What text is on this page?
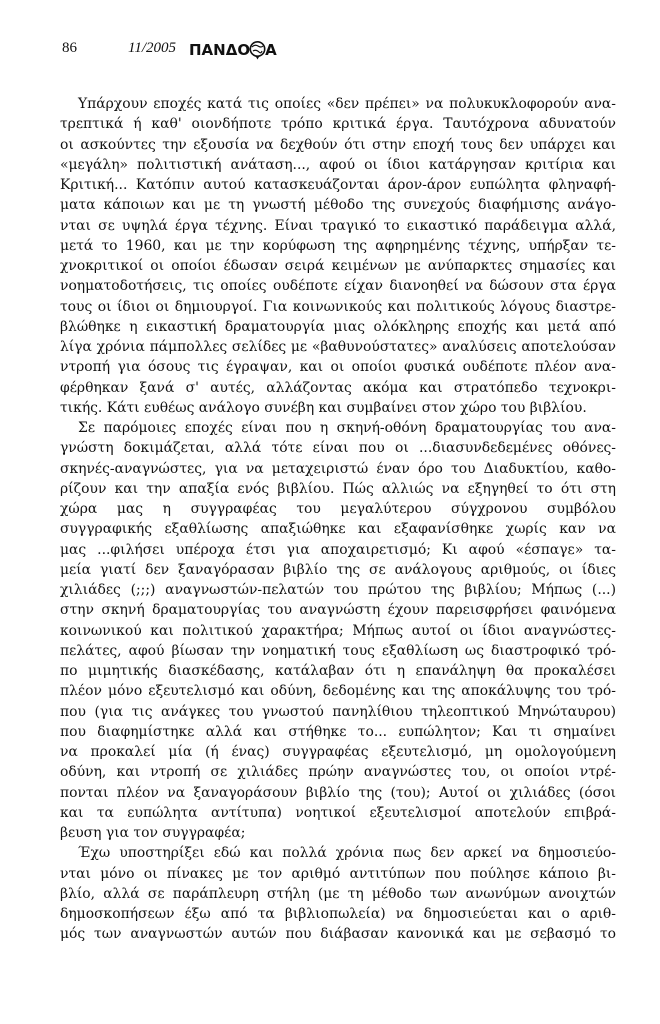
86	11/2005 ΠΑΝΔΟ Α
Υπάρχουν εποχές κατά τις οποίες «δεν πρέπει» να πολυκυκλοφορούν ανα-
τρεπτικά ή καθ' οιονδήποτε τρόπο κριτικά έργα. Ταυτόχρονα αδυνατούν
οι ασκούντες την εξουσία να δεχθούν ότι στην εποχή τους δεν υπάρχει και
«μεγάλη» πολιτιστική ανάταση..., αφού οι ίδιοι κατάργησαν κριτίρια και
Κριτική... Κατόπιν αυτού κατασκευάζονται άρον-άρον ευπώλητα φληναφή-
ματα κάποιων και με τη γνωστή μέθοδο της συνεχούς διαφήμισης ανάγο-
νται σε υψηλά έργα τέχνης. Είναι τραγικό το εικαστικό παράδειγμα αλλά,
μετά το 1960, και με την κορύφωση της αφηρημένης τέχνης, υπήρξαν τε-
χνοκριτικοί οι οποίοι έδωσαν σειρά κειμένων με ανύπαρκτες σημασίες και
νοηματοδοτήσεις, τις οποίες ουδέποτε είχαν διανοηθεί να δώσουν στα έργα
τους οι ίδιοι οι δημιουργοί. Για κοινωνικούς και πολιτικούς λόγους διαστρε-
βλώθηκε η εικαστική δραματουργία μιας ολόκληρης εποχής και μετά από
λίγα χρόνια πάμπολλες σελίδες με «βαθυνούστατες» αναλύσεις αποτελούσαν
ντροπή για όσους τις έγραψαν, και οι οποίοι φυσικά ουδέποτε πλέον ανα-
φέρθηκαν ξανά σ' αυτές, αλλάζοντας ακόμα και στρατόπεδο τεχνοκρι-
τικής. Κάτι ευθέως ανάλογο συνέβη και συμβαίνει στον χώρο του βιβλίου.
Σε παρόμοιες εποχές είναι που η σκηνή-οθόνη δραματουργίας του ανα-
γνώστη δοκιμάζεται, αλλά τότε είναι που οι ...διασυνδεδεμένες οθόνες-
σκηνές-αναγνώστες, για να μεταχειριστώ έναν όρο του Διαδυκτίου, καθο-
ρίζουν και την απαξία ενός βιβλίου. Πώς αλλιώς να εξηγηθεί το ότι στη
χώρα μας η συγγραφέας του μεγαλύτερου σύγχρονου συμβόλου
συγγραφικής εξαθλίωσης απαξιώθηκε και εξαφανίσθηκε χωρίς καν να
μας ...φιλήσει υπέροχα έτσι για αποχαιρετισμό; Κι αφού «έσπαγε» τα-
μεία γιατί δεν ξαναγόρασαν βιβλίο της σε ανάλογους αριθμούς, οι ίδιες
χιλιάδες (;;;) αναγνωστών-πελατών του πρώτου της βιβλίου; Μήπως (...)
στην σκηνή δραματουργίας του αναγνώστη έχουν παρεισφρήσει φαινόμενα
κοινωνικού και πολιτικού χαρακτήρα; Μήπως αυτοί οι ίδιοι αναγνώστες-
πελάτες, αφού βίωσαν την νοηματική τους εξαθλίωση ως διαστροφικό τρό-
πο μιμητικής διασκέδασης, κατάλαβαν ότι η επανάληψη θα προκαλέσει
πλέον μόνο εξευτελισμό και οδύνη, δεδομένης και της αποκάλυψης του τρό-
που (για τις ανάγκες του γνωστού πανηλίθιου τηλεοπτικού Μηνώταυρου)
που διαφημίστηκε αλλά και στήθηκε το... ευπώλητον; Και τι σημαίνει
να προκαλεί μία (ή ένας) συγγραφέας εξευτελισμό, μη ομολογούμενη
οδύνη, και ντροπή σε χιλιάδες πρώην αναγνώστες του, οι οποίοι ντρέ-
πονται πλέον να ξαναγοράσουν βιβλίο της (του); Αυτοί οι χιλιάδες (όσοι
και τα ευπώλητα αντίτυπα) νοητικοί εξευτελισμοί αποτελούν επιβρά-
βευση για τον συγγραφέα;
Έχω υποστηρίξει εδώ και πολλά χρόνια πως δεν αρκεί να δημοσιεύο-
νται μόνο οι πίνακες με τον αριθμό αντιτύπων που πούλησε κάποιο βι-
βλίο, αλλά σε παράπλευρη στήλη (με τη μέθοδο των ανωνύμων ανοιχτών
δημοσκοπήσεων έξω από τα βιβλιοπωλεία) να δημοσιεύεται και ο αριθ-
μός των αναγνωστών αυτών που διάβασαν κανονικά και με σεβασμό το
